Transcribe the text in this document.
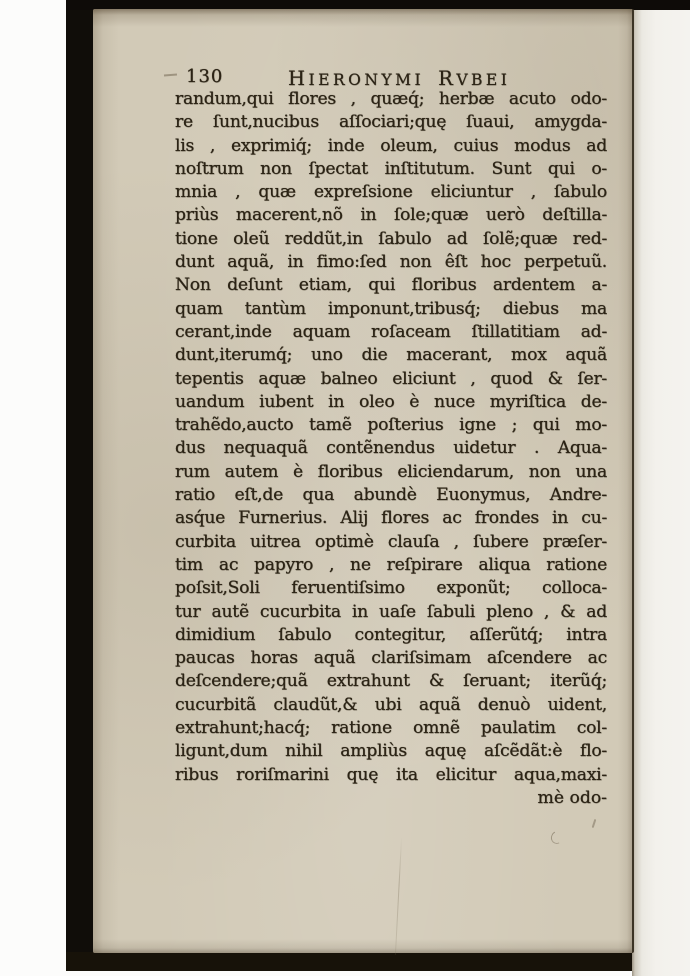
130	HIERONYMI RVBEI
randum,qui flores , quæq́; herbæ acuto odo-
re ſunt,nucibus aſſociari;quę ſuaui, amygda-
lis , exprimiq́; inde oleum, cuius modus ad
noſtrum non ſpectat inſtitutum. Sunt qui o-
mnia , quæ expreſsione eliciuntur , ſabulo
priùs macerent,nõ in ſole;quæ uerò deſtilla-
tione oleũ reddũt,in ſabulo ad ſolẽ;quæ red-
dunt aquã, in fimo:ſed non êſt hoc perpetuũ.
Non deſunt etiam, qui floribus ardentem a-
quam tantùm imponunt,tribusq́; diebus ma
cerant,inde aquam roſaceam ſtillatitiam ad-
dunt,iterumq́; uno die macerant, mox aquã
tepentis aquæ balneo eliciunt , quod & ſer-
uandum iubent in oleo è nuce myriſtica de-
trahẽdo,aucto tamẽ poſterius igne ; qui mo-
dus nequaquã contẽnendus uidetur . Aqua-
rum autem è floribus eliciendarum, non una
ratio eſt,de qua abundè Euonymus, Andre-
asq́ue Furnerius. Alij flores ac frondes in cu-
curbita uitrea optimè clauſa , ſubere præſer-
tim ac papyro , ne reſpirare aliqua ratione
poſsit,Soli feruentiſsimo exponũt; colloca-
tur autẽ cucurbita in uaſe ſabuli pleno , & ad
dimidium ſabulo contegitur, aſſerũtq́; intra
paucas horas aquã clariſsimam aſcendere ac
deſcendere;quã extrahunt & ſeruant; iterũq́;
cucurbitã claudũt,& ubi aquã denuò uident,
extrahunt;hacq́; ratione omnẽ paulatim col-
ligunt,dum nihil ampliùs aquę aſcẽdãt:è flo-
ribus roriſmarini quę ita elicitur aqua,maxi-
mè odo-
